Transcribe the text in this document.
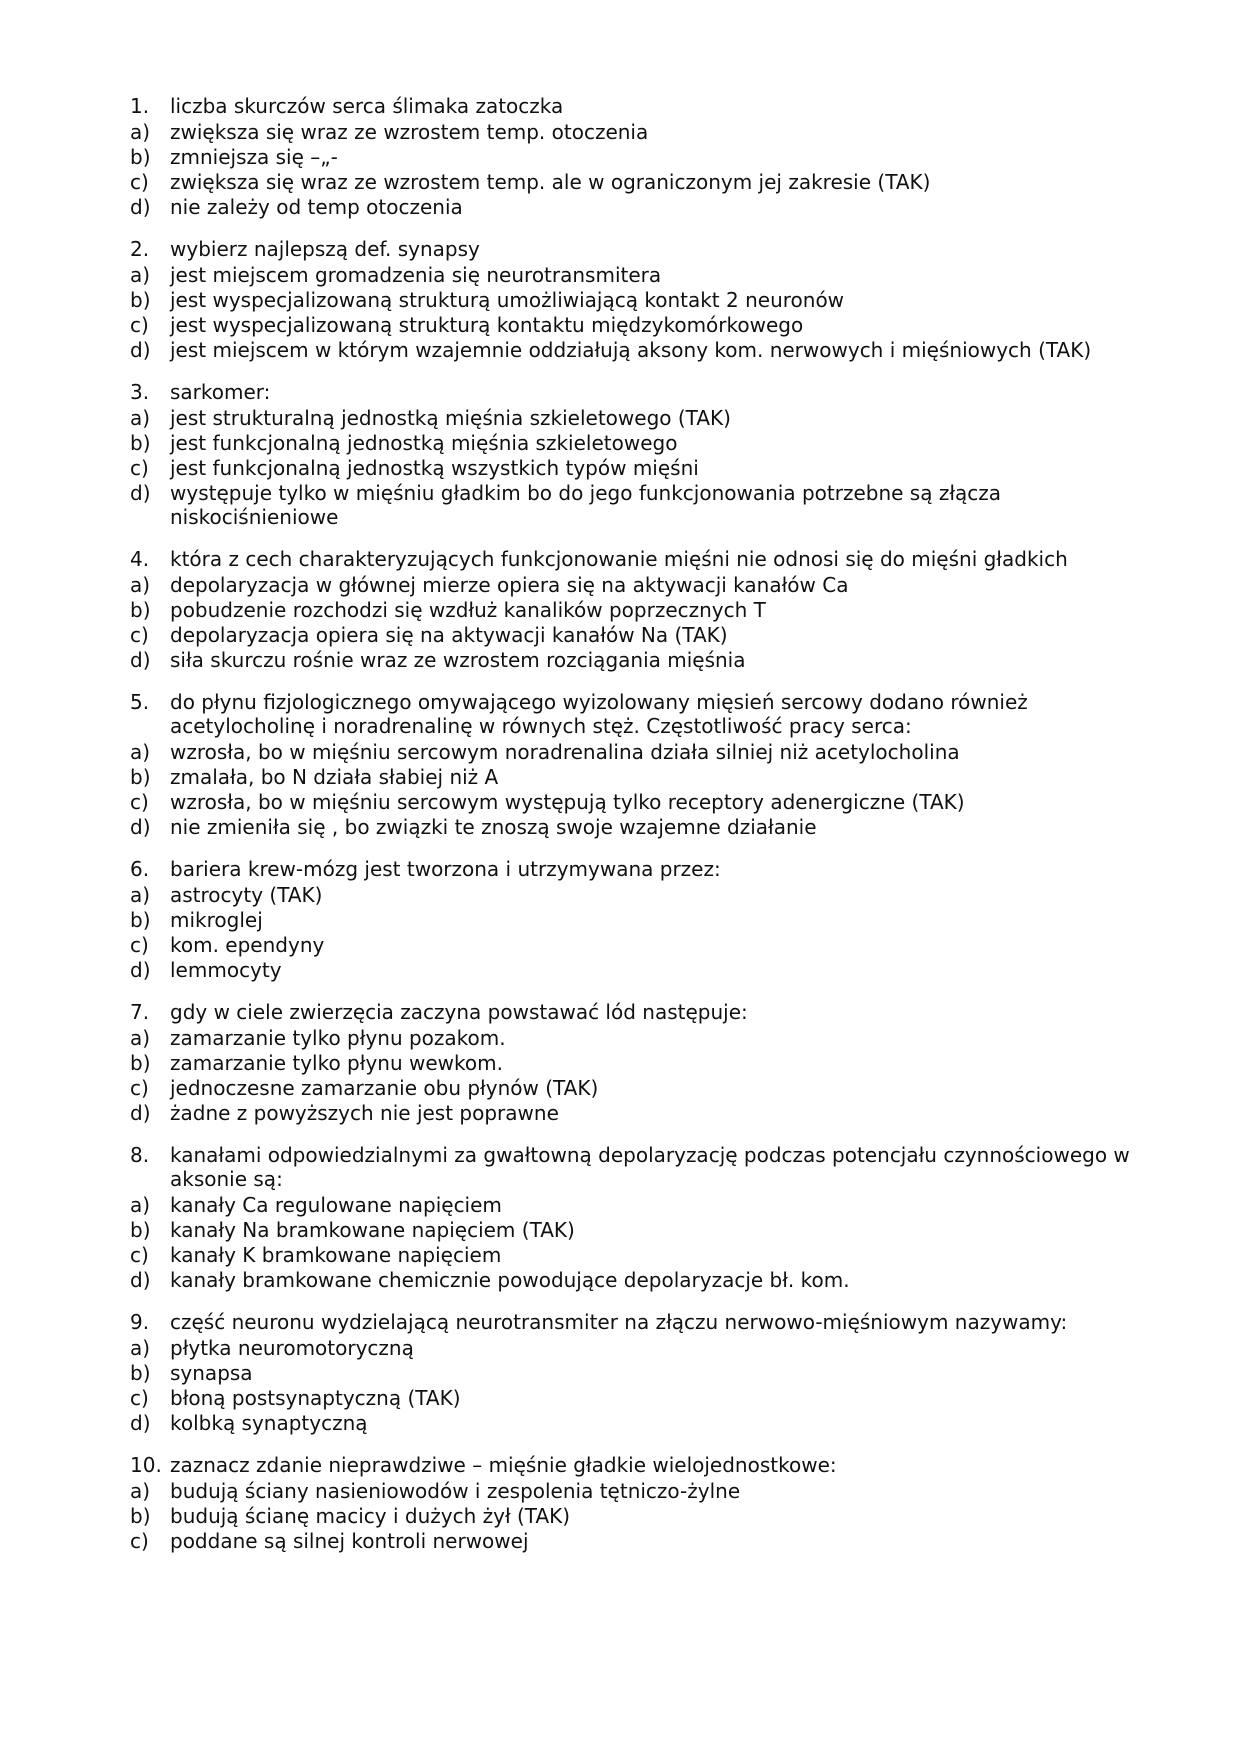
1.	liczba skurczów serca ślimaka zatoczka
a) zwiększa się wraz ze wzrostem temp. otoczenia
b) zmniejsza się –„-
c)	zwiększa się wraz ze wzrostem temp. ale w ograniczonym jej zakresie (TAK)
d) nie zależy od temp otoczenia
2.	wybierz najlepszą def. synapsy
a) jest miejscem gromadzenia się neurotransmitera
b) jest wyspecjalizowaną strukturą umożliwiającą kontakt 2 neuronów
c)	jest wyspecjalizowaną strukturą kontaktu międzykomórkowego
d) jest miejscem w którym wzajemnie oddziałują aksony kom. nerwowych i mięśniowych (TAK)
3.	sarkomer:
a) jest strukturalną jednostką mięśnia szkieletowego (TAK)
b) jest funkcjonalną jednostką mięśnia szkieletowego
c)	jest funkcjonalną jednostką wszystkich typów mięśni
d) występuje tylko w mięśniu gładkim bo do jego funkcjonowania potrzebne są złącza niskociśnieniowe
4.	która z cech charakteryzujących funkcjonowanie mięśni nie odnosi się do mięśni gładkich
a) depolaryzacja w głównej mierze opiera się na aktywacji kanałów Ca
b) pobudzenie rozchodzi się wzdłuż kanalików poprzecznych T
c)	depolaryzacja opiera się na aktywacji kanałów Na (TAK)
d) siła skurczu rośnie wraz ze wzrostem rozciągania mięśnia
5.	do płynu fizjologicznego omywającego wyizolowany mięsień sercowy dodano również acetylocholinę i noradrenalinę w równych stęż. Częstotliwość pracy serca:
a) wzrosła, bo w mięśniu sercowym noradrenalina działa silniej niż acetylocholina
b) zmalała, bo N działa słabiej niż A
c)	wzrosła, bo w mięśniu sercowym występują tylko receptory adenergiczne (TAK)
d) nie zmieniła się , bo związki te znoszą swoje wzajemne działanie
6.	bariera krew-mózg jest tworzona i utrzymywana przez:
a) astrocyty (TAK)
b) mikroglej
c)	kom. ependyny
d) lemmocyty
7.	gdy w ciele zwierzęcia zaczyna powstawać lód następuje:
a) zamarzanie tylko płynu pozakom.
b) zamarzanie tylko płynu wewkom.
c)	jednoczesne zamarzanie obu płynów (TAK)
d) żadne z powyższych nie jest poprawne
8.	kanałami odpowiedzialnymi za gwałtowną depolaryzację podczas potencjału czynnościowego w aksonie są:
a) kanały Ca regulowane napięciem
b) kanały Na bramkowane napięciem (TAK)
c)	kanały K bramkowane napięciem
d) kanały bramkowane chemicznie powodujące depolaryzacje bł. kom.
9.	część neuronu wydzielającą neurotransmiter na złączu nerwowo-mięśniowym nazywamy:
a) płytka neuromotoryczną
b) synapsa
c)	błoną postsynaptyczną (TAK)
d) kolbką synaptyczną
10. zaznacz zdanie nieprawdziwe – mięśnie gładkie wielojednostkowe:
a) budują ściany nasieniowodów i zespolenia tętniczo-żylne
b) budują ścianę macicy i dużych żył (TAK)
c)	poddane są silnej kontroli nerwowej
